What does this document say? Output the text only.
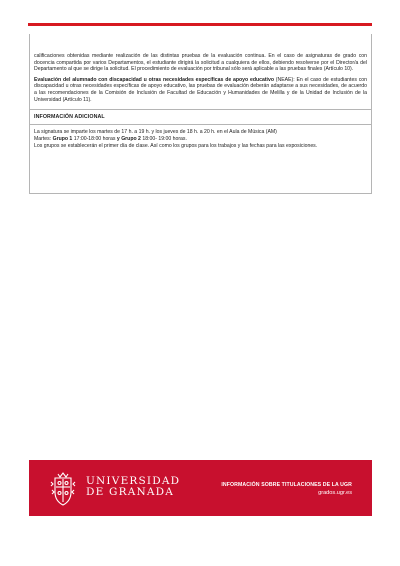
calificaciones obtenidas mediante realización de las distintas pruebas de la evaluación continua. En el caso de asignaturas de grado con docencia compartida por varios Departamentos, el estudiante dirigirá la solicitud a cualquiera de ellos, debiendo resolverse por el Director/a del Departamento al que se dirige la solicitud. El procedimiento de evaluación por tribunal sólo será aplicable a las pruebas finales (Artículo 10).
Evaluación del alumnado con discapacidad u otras necesidades específicas de apoyo educativo (NEAE): En el caso de estudiantes con discapacidad u otras necesidades específicas de apoyo educativo, las pruebas de evaluación deberán adaptarse a sus necesidades, de acuerdo a las recomendaciones de la Comisión de Inclusión de Facultad de Educación y Humanidades de Melilla y de la Unidad de Inclusión de la Universidad (Artículo 11).
INFORMACIÓN ADICIONAL
La signatura se imparte los martes de 17 h. a 19 h. y los jueves de 18 h. a 20 h. en el Aula de Música (AM)
Martes: Grupo 1 17:00-18:00 horas y Grupo 2 18:00- 19:00 horas.
Los grupos se establecerán el primer día de clase. Así como los grupos para los trabajos y las fechas para las exposiciones.
UNIVERSIDAD
DE GRANADA
INFORMACIÓN SOBRE TITULACIONES DE LA UGR
grados.ugr.es
